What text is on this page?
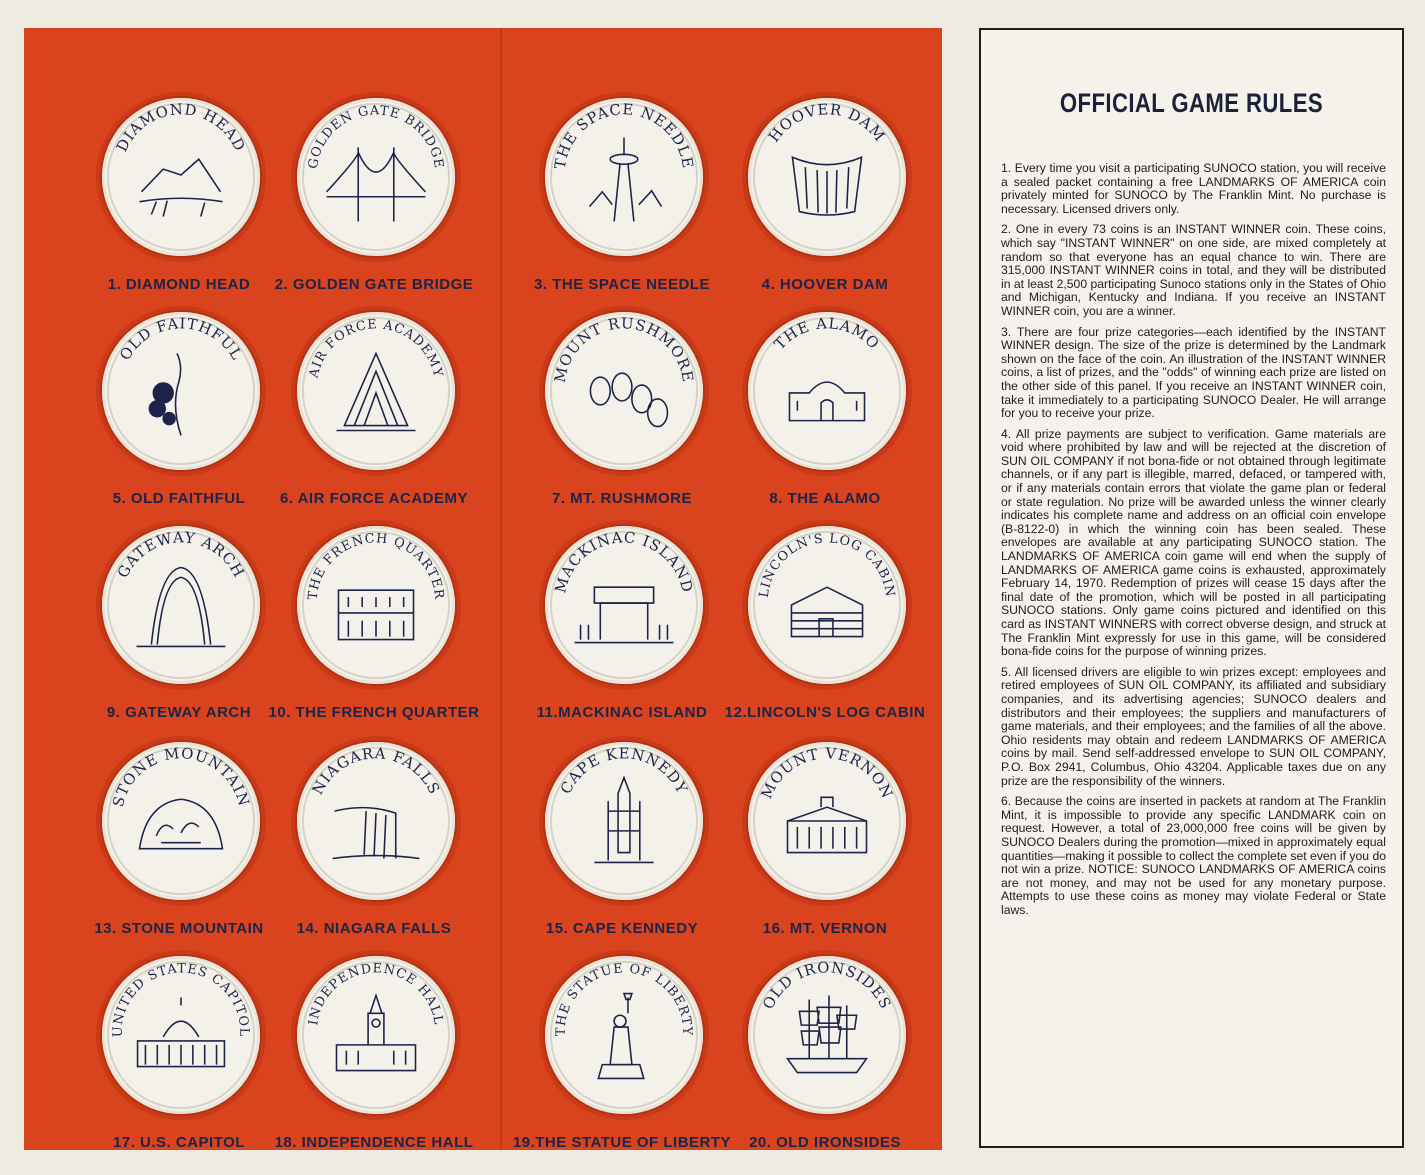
DIAMOND HEAD
1. DIAMOND HEAD
GOLDEN GATE BRIDGE
2. GOLDEN GATE BRIDGE
THE SPACE NEEDLE
3. THE SPACE NEEDLE
HOOVER DAM
4. HOOVER DAM
OLD FAITHFUL
5. OLD FAITHFUL
AIR FORCE ACADEMY
6. AIR FORCE ACADEMY
MOUNT RUSHMORE
7. MT. RUSHMORE
THE ALAMO
8. THE ALAMO
GATEWAY ARCH
9. GATEWAY ARCH
THE FRENCH QUARTER
10. THE FRENCH QUARTER
MACKINAC ISLAND
11.MACKINAC ISLAND
LINCOLN'S LOG CABIN
12.LINCOLN'S LOG CABIN
STONE MOUNTAIN
13. STONE MOUNTAIN
NIAGARA FALLS
14. NIAGARA FALLS
CAPE KENNEDY
15. CAPE KENNEDY
MOUNT VERNON
16. MT. VERNON
UNITED STATES CAPITOL
17. U.S. CAPITOL
INDEPENDENCE HALL
18. INDEPENDENCE HALL
THE STATUE OF LIBERTY
19.THE STATUE OF LIBERTY
OLD IRONSIDES
20. OLD IRONSIDES
OFFICIAL GAME RULES

1. Every time you visit a participating SUNOCO station, you will receive a sealed packet containing a free LANDMARKS OF AMERICA coin privately minted for SUNOCO by The Franklin Mint. No purchase is necessary. Licensed drivers only.

2. One in every 73 coins is an INSTANT WINNER coin. These coins, which say "INSTANT WINNER" on one side, are mixed completely at random so that everyone has an equal chance to win. There are 315,000 INSTANT WINNER coins in total, and they will be distributed in at least 2,500 participating Sunoco stations only in the States of Ohio and Michigan, Kentucky and Indiana. If you receive an INSTANT WINNER coin, you are a winner.

3. There are four prize categories—each identified by the INSTANT WINNER design. The size of the prize is determined by the Landmark shown on the face of the coin. An illustration of the INSTANT WINNER coins, a list of prizes, and the "odds" of winning each prize are listed on the other side of this panel. If you receive an INSTANT WINNER coin, take it immediately to a participating SUNOCO Dealer. He will arrange for you to receive your prize.

4. All prize payments are subject to verification. Game materials are void where prohibited by law and will be rejected at the discretion of SUN OIL COMPANY if not bona-fide or not obtained through legitimate channels, or if any part is illegible, marred, defaced, or tampered with, or if any materials contain errors that violate the game plan or federal or state regulation. No prize will be awarded unless the winner clearly indicates his complete name and address on an official coin envelope (B-8122-0) in which the winning coin has been sealed. These envelopes are available at any participating SUNOCO station. The LANDMARKS OF AMERICA coin game will end when the supply of LANDMARKS OF AMERICA game coins is exhausted, approximately February 14, 1970. Redemption of prizes will cease 15 days after the final date of the promotion, which will be posted in all participating SUNOCO stations. Only game coins pictured and identified on this card as INSTANT WINNERS with correct obverse design, and struck at The Franklin Mint expressly for use in this game, will be considered bona-fide coins for the purpose of winning prizes.

5. All licensed drivers are eligible to win prizes except: employees and retired employees of SUN OIL COMPANY, its affiliated and subsidiary companies, and its advertising agencies; SUNOCO dealers and distributors and their employees; the suppliers and manufacturers of game materials, and their employees; and the families of all the above. Ohio residents may obtain and redeem LANDMARKS OF AMERICA coins by mail. Send self-addressed envelope to SUN OIL COMPANY, P.O. Box 2941, Columbus, Ohio 43204. Applicable taxes due on any prize are the responsibility of the winners.

6. Because the coins are inserted in packets at random at The Franklin Mint, it is impossible to provide any specific LANDMARK coin on request. However, a total of 23,000,000 free coins will be given by SUNOCO Dealers during the promotion—mixed in approximately equal quantities—making it possible to collect the complete set even if you do not win a prize. NOTICE: SUNOCO LANDMARKS OF AMERICA coins are not money, and may not be used for any monetary purpose. Attempts to use these coins as money may violate Federal or State laws.
